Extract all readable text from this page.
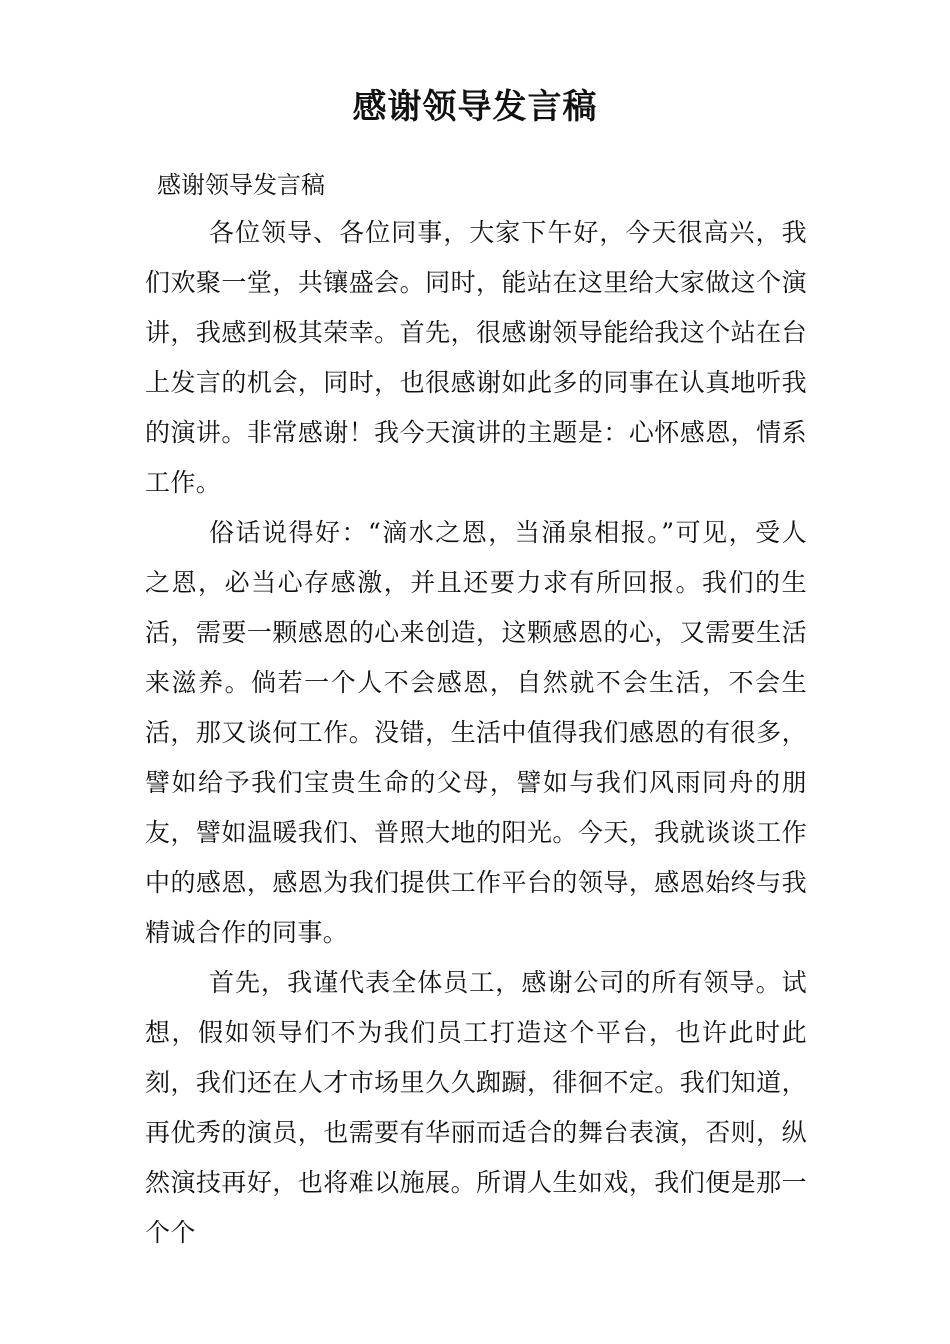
感谢领导发言稿

感谢领导发言稿

各位领导、各位同事，大家下午好，今天很高兴，我们欢聚一堂，共镶盛会。同时，能站在这里给大家做这个演讲，我感到极其荣幸。首先，很感谢领导能给我这个站在台上发言的机会，同时，也很感谢如此多的同事在认真地听我的演讲。非常感谢！我今天演讲的主题是：心怀感恩，情系工作。

俗话说得好：“滴水之恩，当涌泉相报。”可见，受人之恩，必当心存感激，并且还要力求有所回报。我们的生活，需要一颗感恩的心来创造，这颗感恩的心，又需要生活来滋养。倘若一个人不会感恩，自然就不会生活，不会生活，那又谈何工作。没错，生活中值得我们感恩的有很多，譬如给予我们宝贵生命的父母，譬如与我们风雨同舟的朋友，譬如温暖我们、普照大地的阳光。今天，我就谈谈工作中的感恩，感恩为我们提供工作平台的领导，感恩始终与我精诚合作的同事。

首先，我谨代表全体员工，感谢公司的所有领导。试想，假如领导们不为我们员工打造这个平台，也许此时此刻，我们还在人才市场里久久踟蹰，徘徊不定。我们知道，再优秀的演员，也需要有华丽而适合的舞台表演，否则，纵然演技再好，也将难以施展。所谓人生如戏，我们便是那一个个
